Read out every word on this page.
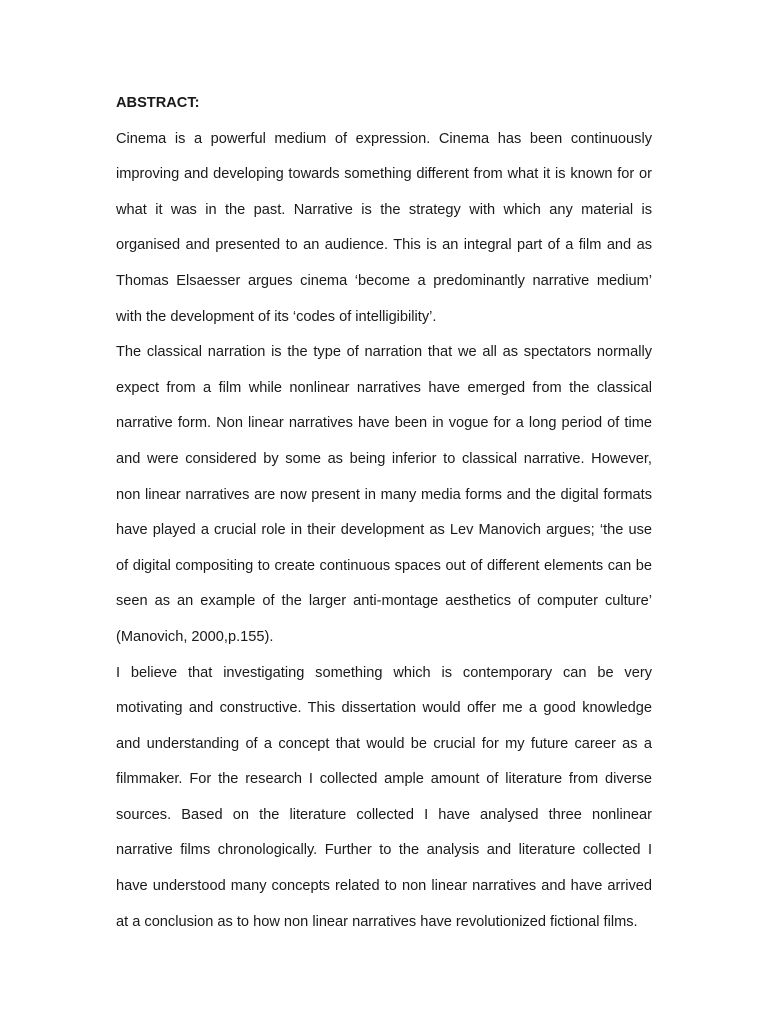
ABSTRACT:

Cinema is a powerful medium of expression. Cinema has been continuously improving and developing towards something different from what it is known for or what it was in the past. Narrative is the strategy with which any material is organised and presented to an audience. This is an integral part of a film and as Thomas Elsaesser argues cinema ‘become a predominantly narrative medium’ with the development of its ‘codes of intelligibility’.

The classical narration is the type of narration that we all as spectators normally expect from a film while nonlinear narratives have emerged from the classical narrative form. Non linear narratives have been in vogue for a long period of time and were considered by some as being inferior to classical narrative. However, non linear narratives are now present in many media forms and the digital formats have played a crucial role in their development as Lev Manovich argues; ‘the use of digital compositing to create continuous spaces out of different elements can be seen as an example of the larger anti-montage aesthetics of computer culture’ (Manovich, 2000,p.155).

I believe that investigating something which is contemporary can be very motivating and constructive. This dissertation would offer me a good knowledge and understanding of a concept that would be crucial for my future career as a filmmaker. For the research I collected ample amount of literature from diverse sources. Based on the literature collected I have analysed three nonlinear narrative films chronologically. Further to the analysis and literature collected I have understood many concepts related to non linear narratives and have arrived at a conclusion as to how non linear narratives have revolutionized fictional films.
